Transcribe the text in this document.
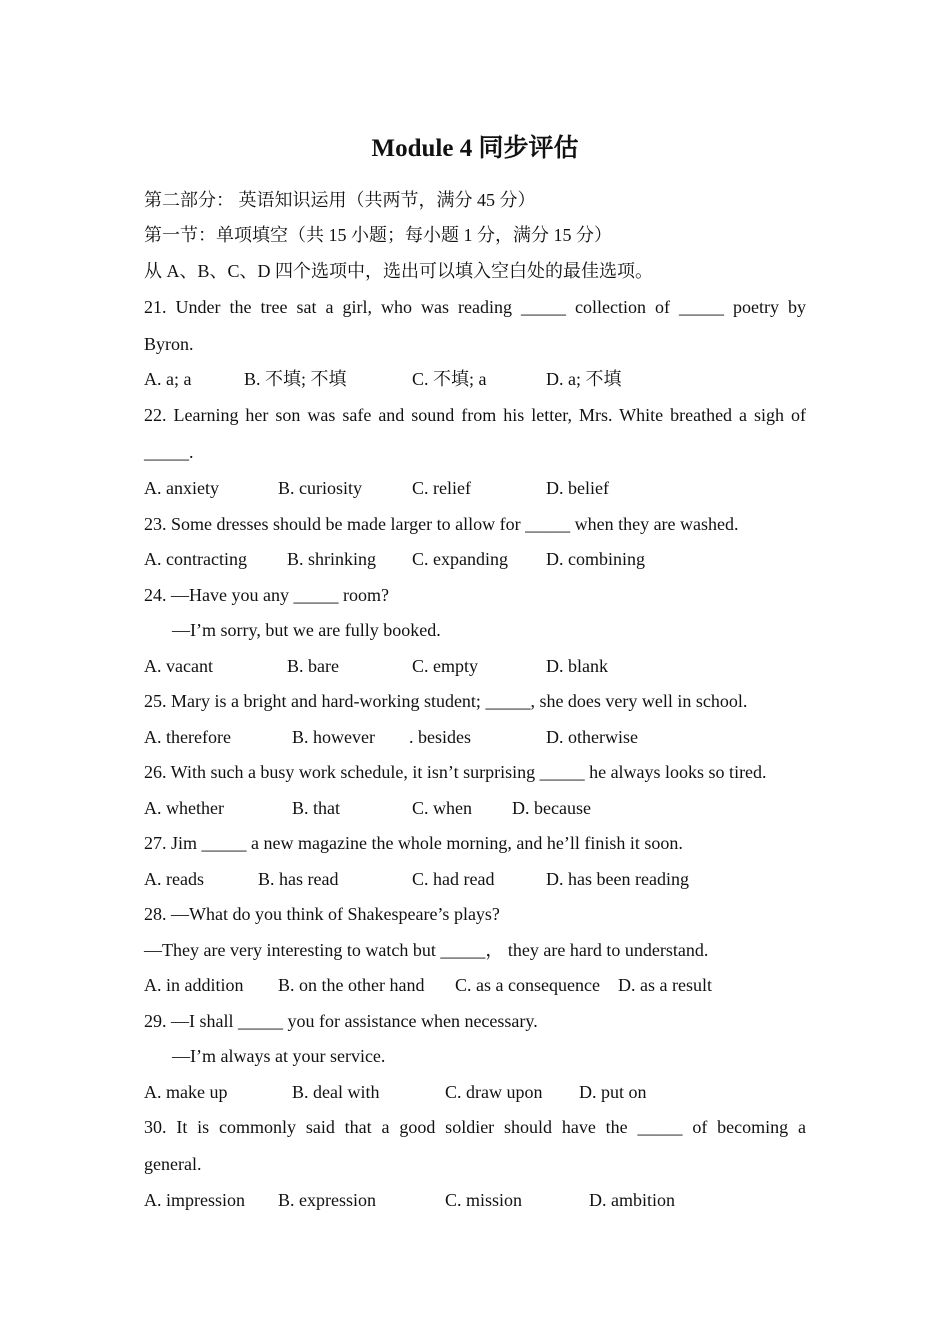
Module 4 同步评估
第二部分： 英语知识运用（共两节，满分 45 分）
第一节：单项填空（共 15 小题；每小题 1 分，满分 15 分）
从 A、B、C、D 四个选项中，选出可以填入空白处的最佳选项。
21. Under the tree sat a girl, who was reading _____ collection of _____ poetry by
Byron.
A. a; a	B. 不填; 不填	C. 不填; a	D. a; 不填
22. Learning her son was safe and sound from his letter, Mrs. White breathed a sigh of
_____.
A. anxiety	B. curiosity	C. relief	D. belief
23. Some dresses should be made larger to allow for _____ when they are washed.
A. contracting B. shrinking C. expanding D. combining
24. —Have you any _____ room?
—I’m sorry, but we are fully booked.
A. vacant	B. bare	C. empty	D. blank
25. Mary is a bright and hard-working student; _____, she does very well in school.
A. therefore	B. however . besides	D. otherwise
26. With such a busy work schedule, it isn’t surprising _____ he always looks so tired.
A. whether	B. that	C. when D. because
27. Jim _____ a new magazine the whole morning, and he’ll finish it soon.
A. reads	B. has read	C. had read	D. has been reading
28. —What do you think of Shakespeare’s plays?
—They are very interesting to watch but _____， they are hard to understand.
A. in addition B. on the other hand C. as a consequence D. as a result
29. —I shall _____ you for assistance when necessary.
—I’m always at your service.
A. make up	B. deal with	C. draw upon D. put on
30. It is commonly said that a good soldier should have the _____ of becoming a
general.
A. impression B. expression	C. mission	D. ambition
